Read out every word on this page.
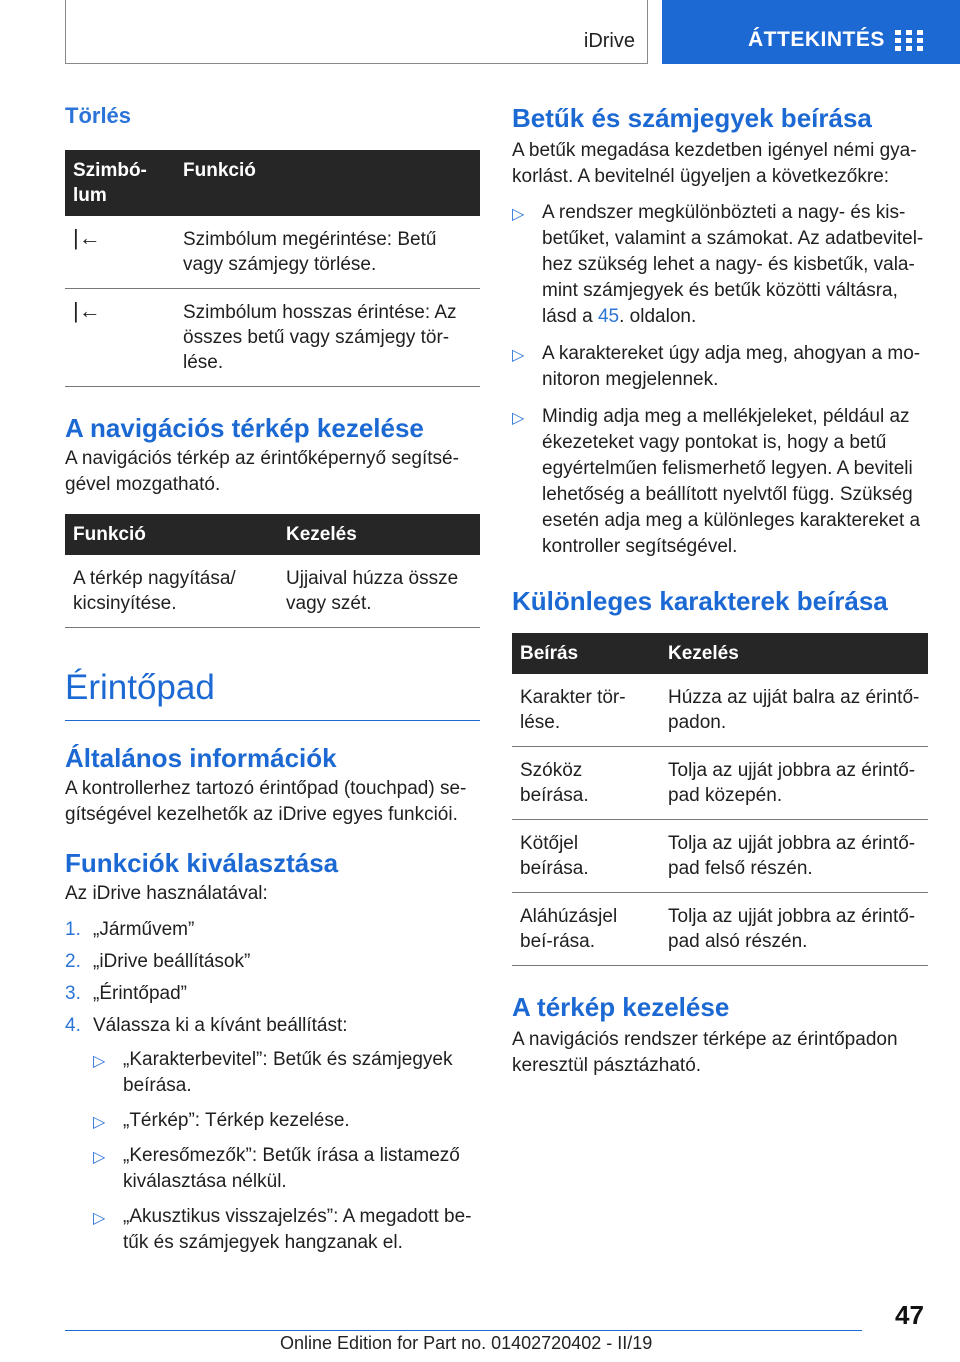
iDrive	ÁTTEKINTÉS
Törlés
Szimbó-
lum	Funkció
|←	Szimbólum megérintése: Betű vagy számjegy törlése.
|←	Szimbólum hosszas érintése: Az összes betű vagy számjegy tör-lése.
A navigációs térkép kezelése

A navigációs térkép az érintőképernyő segítsé-gével mozgatható.

Funkció	Kezelés
A térkép nagyítása/ kicsinyítése.	Ujjaival húzza össze vagy szét.
Érintőpad
Általános információk

A kontrollerhez tartozó érintőpad (touchpad) se-gítségével kezelhetők az iDrive egyes funkciói.

Funkciók kiválasztása

Az iDrive használatával:

1. „Járművem”
2. „iDrive beállítások”
3. „Érintőpad”
4. Válassza ki a kívánt beállítást:
▷ „Karakterbevitel”: Betűk és számjegyek beírása.
▷ „Térkép”: Térkép kezelése.
▷ „Keresőmezők”: Betűk írása a listamező kiválasztása nélkül.
▷ „Akusztikus visszajelzés”: A megadott be-tűk és számjegyek hangzanak el.
Betűk és számjegyek beírása

A betűk megadása kezdetben igényel némi gya-korlást. A bevitelnél ügyeljen a következőkre:

▷ A rendszer megkülönbözteti a nagy- és kis-betűket, valamint a számokat. Az adatbevitel-hez szükség lehet a nagy- és kisbetűk, vala-mint számjegyek és betűk közötti váltásra, lásd a 45. oldalon.
▷ A karaktereket úgy adja meg, ahogyan a mo-nitoron megjelennek.
▷ Mindig adja meg a mellékjeleket, például az ékezeteket vagy pontokat is, hogy a betű egyértelműen felismerhető legyen. A beviteli lehetőség a beállított nyelvtől függ. Szükség esetén adja meg a különleges karaktereket a kontroller segítségével.
Különleges karakterek beírása
Beírás	Kezelés
Karakter tör-lése.	Húzza az ujját balra az érintő-padon.
Szóköz beírása.	Tolja az ujját jobbra az érintő-pad közepén.
Kötőjel beírása.	Tolja az ujját jobbra az érintő-pad felső részén.
Aláhúzásjel beí-rása.	Tolja az ujját jobbra az érintő-pad alsó részén.
A térkép kezelése

A navigációs rendszer térképe az érintőpadon keresztül pásztázható.

47
Online Edition for Part no. 01402720402 - II/19
